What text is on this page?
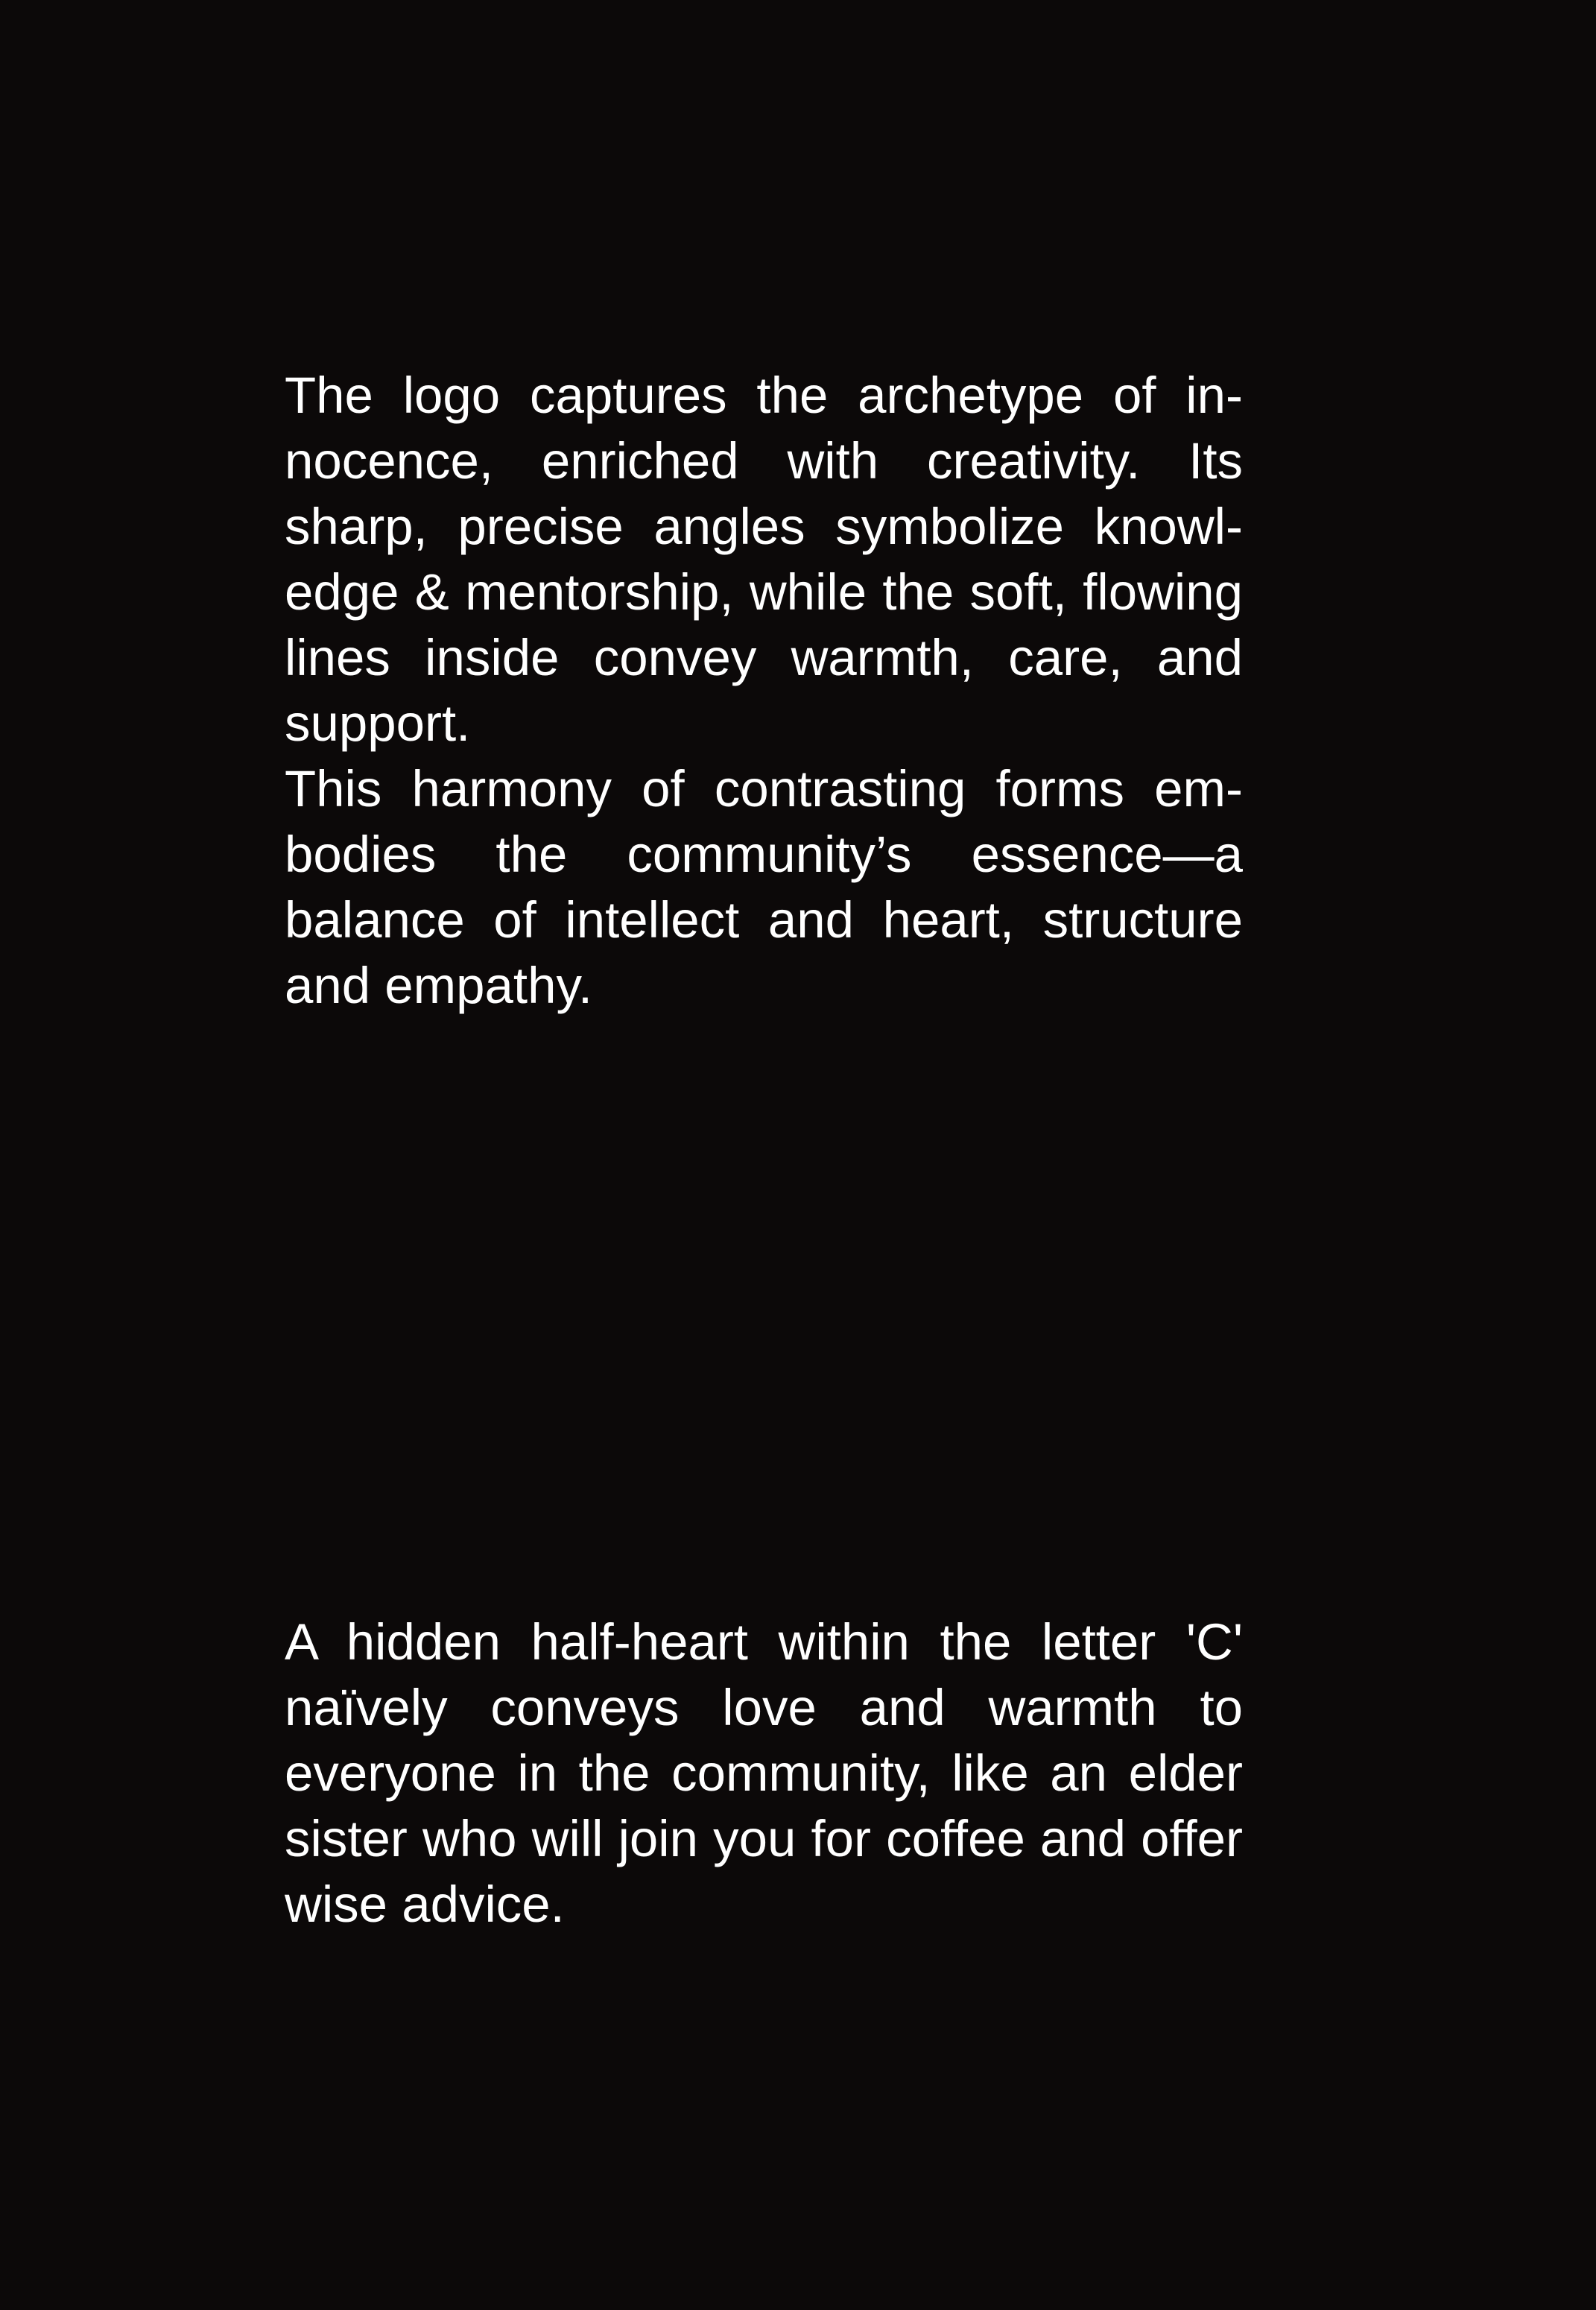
The logo captures the archetype of innocence, enriched with creativity. Its sharp, precise angles symbolize knowledge & mentorship, while the soft, flowing lines inside convey warmth, care, and support.

This harmony of contrasting forms embodies the community’s essence—a balance of intellect and heart, structure and empathy.

A hidden half-heart within the letter 'C' naïvely conveys love and warmth to everyone in the community, like an elder sister who will join you for coffee and offer wise advice.
